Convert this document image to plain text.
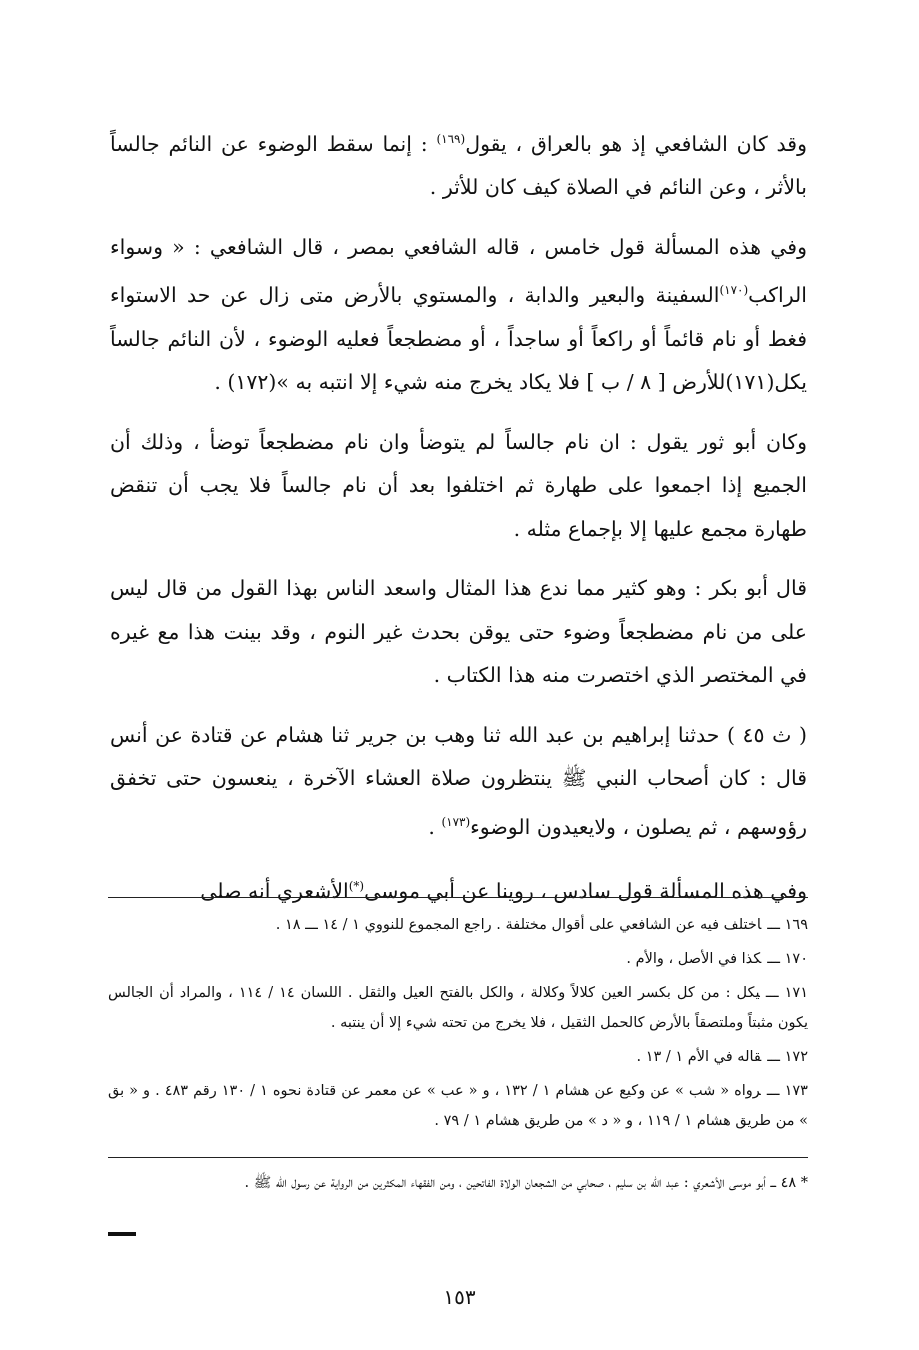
وقد كان الشافعي إذ هو بالعراق ، يقول$^{(١٦٩)}$ : إنما سقط الوضوء عن النائم جالساً بالأثر ، وعن النائم في الصلاة كيف كان للأثر .

وفي هذه المسألة قول خامس ، قاله الشافعي بمصر ، قال الشافعي : « وسواء الراكب$^{(١٧٠)}$السفينة والبعير والدابة ، والمستوي بالأرض متى زال عن حد الاستواء فغط أو نام قائماً أو راكعاً أو ساجداً ، أو مضطجعاً فعليه الوضوء ، لأن النائم جالساً يكل(١٧١)للأرض [ ٨ / ب ] فلا يكاد يخرج منه شيء إلا انتبه به »(١٧٢) .

وكان أبو ثور يقول : ان نام جالساً لم يتوضأ وان نام مضطجعاً توضأ ، وذلك أن الجميع إذا اجمعوا على طهارة ثم اختلفوا بعد أن نام جالساً فلا يجب أن تنقض طهارة مجمع عليها إلا بإجماع مثله .

قال أبو بكر : وهو كثير مما ندع هذا المثال واسعد الناس بهذا القول من قال ليس على من نام مضطجعاً وضوء حتى يوقن بحدث غير النوم ، وقد بينت هذا مع غيره في المختصر الذي اختصرت منه هذا الكتاب .

( ث ٤٥ ) حدثنا إبراهيم بن عبد الله ثنا وهب بن جرير ثنا هشام عن قتادة عن أنس قال : كان أصحاب النبي ﷺ ينتظرون صلاة العشاء الآخرة ، ينعسون حتى تخفق رؤوسهم ، ثم يصلون ، ولايعيدون الوضوء$^{(١٧٣)}$ .

وفي هذه المسألة قول سادس ، روينا عن أبي موسى(*)الأشعري أنه صلى

١٦٩ ـــاختلف فيه عن الشافعي على أقوال مختلفة . راجع المجموع للنووي ١ / ١٤ ـــ ١٨ .

١٧٠ ـــكذا في الأصل ، والأم .

١٧١ ـــيكل : من كل بكسر العين كلالاً وكلالة ، والكل بالفتح العيل والثقل . اللسان ١٤ / ١١٤ ، والمراد أن الجالس يكون مثبتاً وملتصقاً بالأرض كالحمل الثقيل ، فلا يخرج من تحته شيء إلا أن ينتبه .

١٧٢ ـــقاله في الأم ١ / ١٣ .

١٧٣ ـــرواه « شب » عن وكيع عن هشام ١ / ١٣٢ ، و « عب » عن معمر عن قتادة نحوه ١ / ١٣٠ رقم ٤٨٣ . و « بق » من طريق هشام ١ / ١١٩ ، و « د » من طريق هشام ١ / ٧٩ .

* ٤٨ ـــ أبو موسى الأشعري : عبد الله بن سليم ، صحابي من الشجعان الولاة الفاتحين ، ومن الفقهاء المكثرين من الرواية عن رسول الله ﷺ .

١٥٣
